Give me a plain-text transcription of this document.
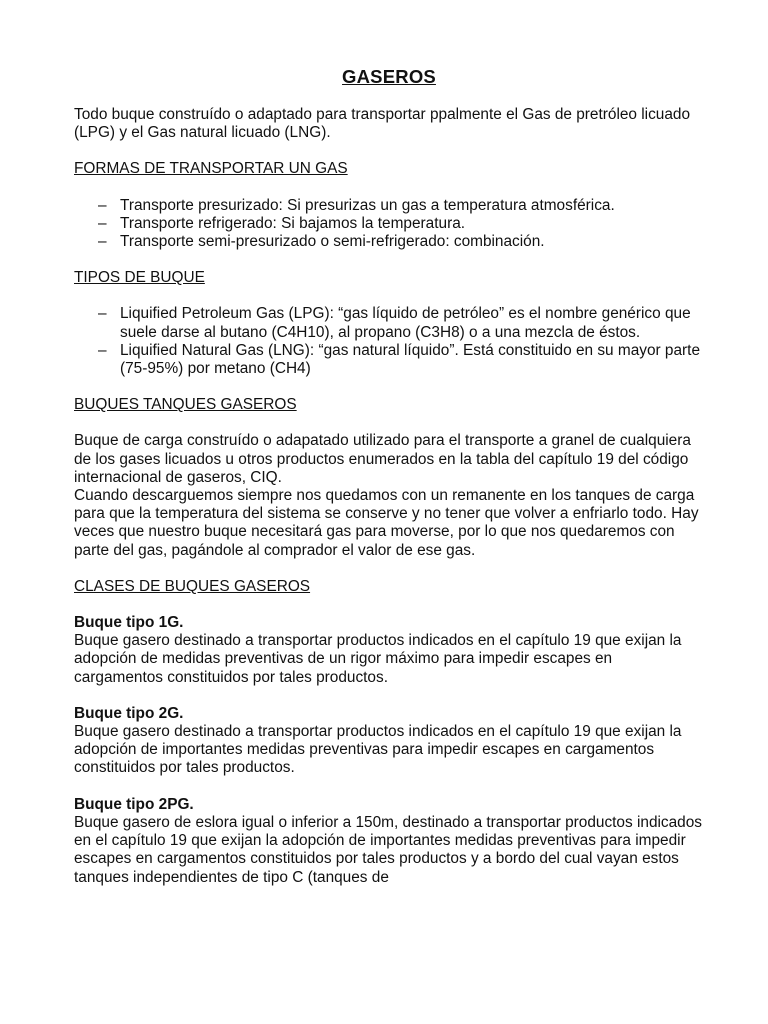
GASEROS

Todo buque construído o adaptado para transportar ppalmente el Gas de pretróleo licuado (LPG) y el Gas natural licuado (LNG).

FORMAS DE TRANSPORTAR UN GAS

– Transporte presurizado: Si presurizas un gas a temperatura atmosférica.
– Transporte refrigerado: Si bajamos la temperatura.
– Transporte semi-presurizado o semi-refrigerado: combinación.

TIPOS DE BUQUE

– Liquified Petroleum Gas (LPG): “gas líquido de petróleo” es el nombre genérico que suele darse al butano (C4H10), al propano (C3H8) o a una mezcla de éstos.
– Liquified Natural Gas (LNG): “gas natural líquido”. Está constituido en su mayor parte (75-95%) por metano (CH4)

BUQUES TANQUES GASEROS

Buque de carga construído o adapatado utilizado para el transporte a granel de cualquiera de los gases licuados u otros productos enumerados en la tabla del capítulo 19 del código internacional de gaseros, CIQ.

Cuando descarguemos siempre nos quedamos con un remanente en los tanques de carga para que la temperatura del sistema se conserve y no tener que volver a enfriarlo todo. Hay veces que nuestro buque necesitará gas para moverse, por lo que nos quedaremos con parte del gas, pagándole al comprador el valor de ese gas.

CLASES DE BUQUES GASEROS

Buque tipo 1G.

Buque gasero destinado a transportar productos indicados en el capítulo 19 que exijan la adopción de medidas preventivas de un rigor máximo para impedir escapes en cargamentos constituidos por tales productos.

Buque tipo 2G.

Buque gasero destinado a transportar productos indicados en el capítulo 19 que exijan la adopción de importantes medidas preventivas para impedir escapes en cargamentos constituidos por tales productos.

Buque tipo 2PG.

Buque gasero de eslora igual o inferior a 150m, destinado a transportar productos indicados en el capítulo 19 que exijan la adopción de importantes medidas preventivas para impedir escapes en cargamentos constituidos por tales productos y a bordo del cual vayan estos tanques independientes de tipo C (tanques de
